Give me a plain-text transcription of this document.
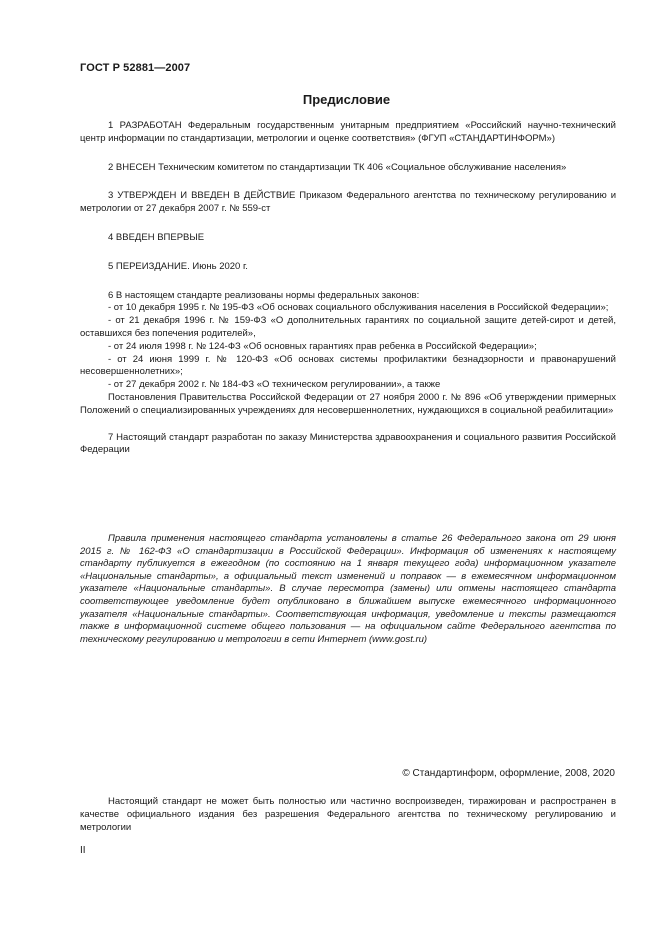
ГОСТ Р 52881—2007
Предисловие

1 РАЗРАБОТАН Федеральным государственным унитарным предприятием «Российский научно-технический центр информации по стандартизации, метрологии и оценке соответствия» (ФГУП «СТАНДАРТИНФОРМ»)

2 ВНЕСЕН Техническим комитетом по стандартизации ТК 406 «Социальное обслуживание населения»

3 УТВЕРЖДЕН И ВВЕДЕН В ДЕЙСТВИЕ Приказом Федерального агентства по техническому регулированию и метрологии от 27 декабря 2007 г. № 559-ст

4 ВВЕДЕН ВПЕРВЫЕ

5 ПЕРЕИЗДАНИЕ. Июнь 2020 г.

6 В настоящем стандарте реализованы нормы федеральных законов:

- от 10 декабря 1995 г. № 195-ФЗ «Об основах социального обслуживания населения в Российской Федерации»;

- от 21 декабря 1996 г. № 159-ФЗ «О дополнительных гарантиях по социальной защите детей-сирот и детей, оставшихся без попечения родителей»,

- от 24 июля 1998 г. № 124-ФЗ «Об основных гарантиях прав ребенка в Российской Федерации»;

- от 24 июня 1999 г. № 120-ФЗ «Об основах системы профилактики безнадзорности и правонарушений несовершеннолетних»;

- от 27 декабря 2002 г. № 184-ФЗ «О техническом регулировании», а также

Постановления Правительства Российской Федерации от 27 ноября 2000 г. № 896 «Об утверждении примерных Положений о специализированных учреждениях для несовершеннолетних, нуждающихся в социальной реабилитации»

7 Настоящий стандарт разработан по заказу Министерства здравоохранения и социального развития Российской Федерации

Правила применения настоящего стандарта установлены в статье 26 Федерального закона от 29 июня 2015 г. № 162-ФЗ «О стандартизации в Российской Федерации». Информация об изменениях к настоящему стандарту публикуется в ежегодном (по состоянию на 1 января текущего года) информационном указателе «Национальные стандарты», а официальный текст изменений и поправок — в ежемесячном информационном указателе «Национальные стандарты». В случае пересмотра (замены) или отмены настоящего стандарта соответствующее уведомление будет опубликовано в ближайшем выпуске ежемесячного информационного указателя «Национальные стандарты». Соответствующая информация, уведомление и тексты размещаются также в информационной системе общего пользования — на официальном сайте Федерального агентства по техническому регулированию и метрологии в сети Интернет (www.gost.ru)
© Стандартинформ, оформление, 2008, 2020
Настоящий стандарт не может быть полностью или частично воспроизведен, тиражирован и распространен в качестве официального издания без разрешения Федерального агентства по техническому регулированию и метрологии
II
